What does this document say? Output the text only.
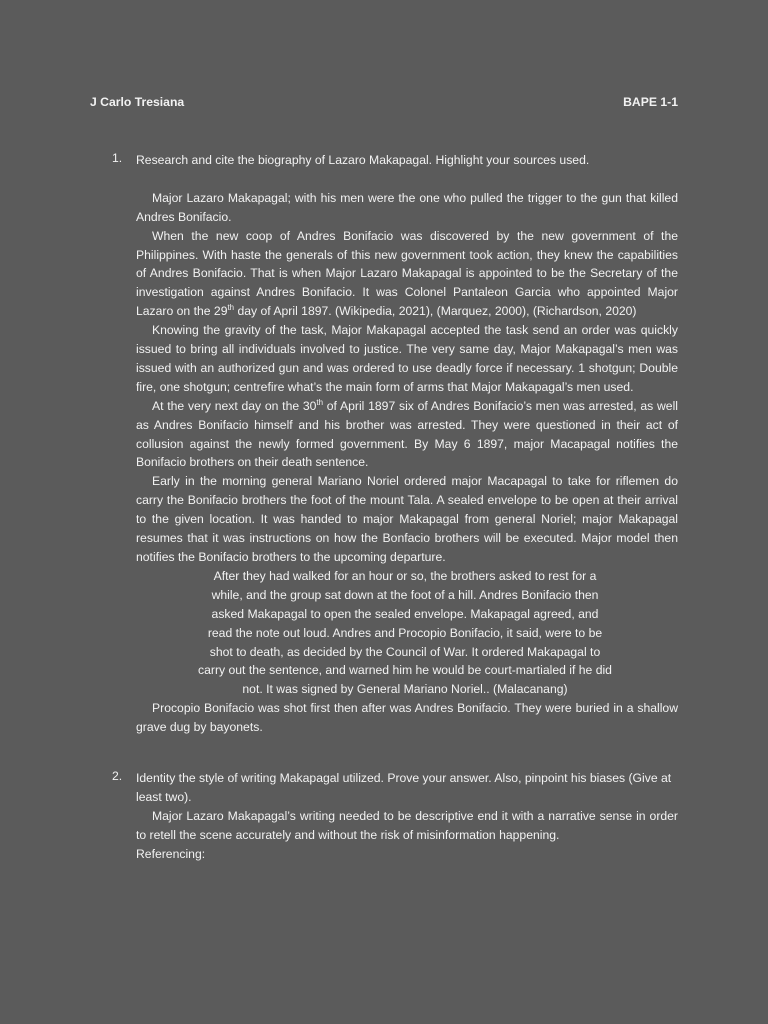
J Carlo Tresiana	BAPE 1-1
1. Research and cite the biography of Lazaro Makapagal. Highlight your sources used.

Major Lazaro Makapagal; with his men were the one who pulled the trigger to the gun that killed Andres Bonifacio.

When the new coop of Andres Bonifacio was discovered by the new government of the Philippines. With haste the generals of this new government took action, they knew the capabilities of Andres Bonifacio. That is when Major Lazaro Makapagal is appointed to be the Secretary of the investigation against Andres Bonifacio. It was Colonel Pantaleon Garcia who appointed Major Lazaro on the 29th day of April 1897. (Wikipedia, 2021), (Marquez, 2000), (Richardson, 2020)

Knowing the gravity of the task, Major Makapagal accepted the task send an order was quickly issued to bring all individuals involved to justice. The very same day, Major Makapagal’s men was issued with an authorized gun and was ordered to use deadly force if necessary. 1 shotgun; Double fire, one shotgun; centrefire what’s the main form of arms that Major Makapagal’s men used.

At the very next day on the 30th of April 1897 six of Andres Bonifacio’s men was arrested, as well as Andres Bonifacio himself and his brother was arrested. They were questioned in their act of collusion against the newly formed government. By May 6 1897, major Macapagal notifies the Bonifacio brothers on their death sentence.

Early in the morning general Mariano Noriel ordered major Macapagal to take for riflemen do carry the Bonifacio brothers the foot of the mount Tala. A sealed envelope to be open at their arrival to the given location. It was handed to major Makapagal from general Noriel; major Makapagal resumes that it was instructions on how the Bonfacio brothers will be executed. Major model then notifies the Bonifacio brothers to the upcoming departure.

After they had walked for an hour or so, the brothers asked to rest for a while, and the group sat down at the foot of a hill. Andres Bonifacio then asked Makapagal to open the sealed envelope. Makapagal agreed, and read the note out loud. Andres and Procopio Bonifacio, it said, were to be shot to death, as decided by the Council of War. It ordered Makapagal to carry out the sentence, and warned him he would be court-martialed if he did not. It was signed by General Mariano Noriel.. (Malacanang)

Procopio Bonifacio was shot first then after was Andres Bonifacio. They were buried in a shallow grave dug by bayonets.

2. Identity the style of writing Makapagal utilized. Prove your answer. Also, pinpoint his biases (Give at least two).

Major Lazaro Makapagal’s writing needed to be descriptive end it with a narrative sense in order to retell the scene accurately and without the risk of misinformation happening.

Referencing:
